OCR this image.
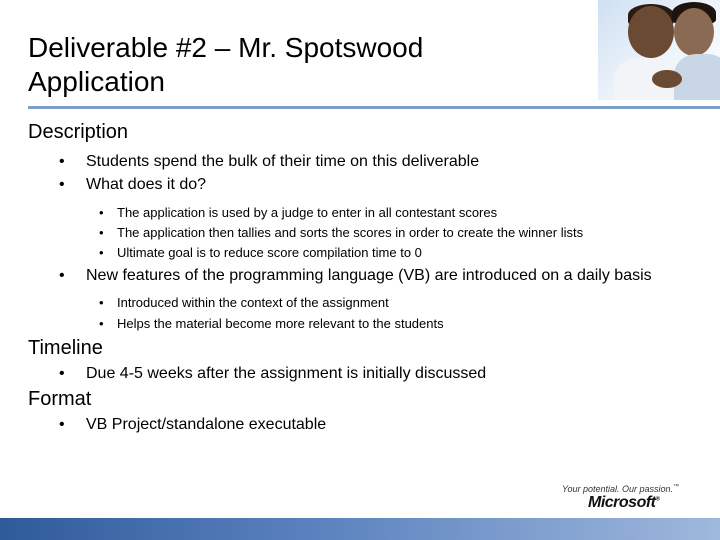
Deliverable #2 – Mr. Spotswood
Application

Description

• Students spend the bulk of their time on this deliverable

• What does it do?

• The application is used by a judge to enter in all contestant scores

• The application then tallies and sorts the scores in order to create the winner lists

• Ultimate goal is to reduce score compilation time to 0

• New features of the programming language (VB) are introduced on a daily basis

• Introduced within the context of the assignment

• Helps the material become more relevant to the students

Timeline

• Due 4-5 weeks after the assignment is initially discussed

Format

• VB Project/standalone executable

Your potential. Our passion.™
Microsoft®
